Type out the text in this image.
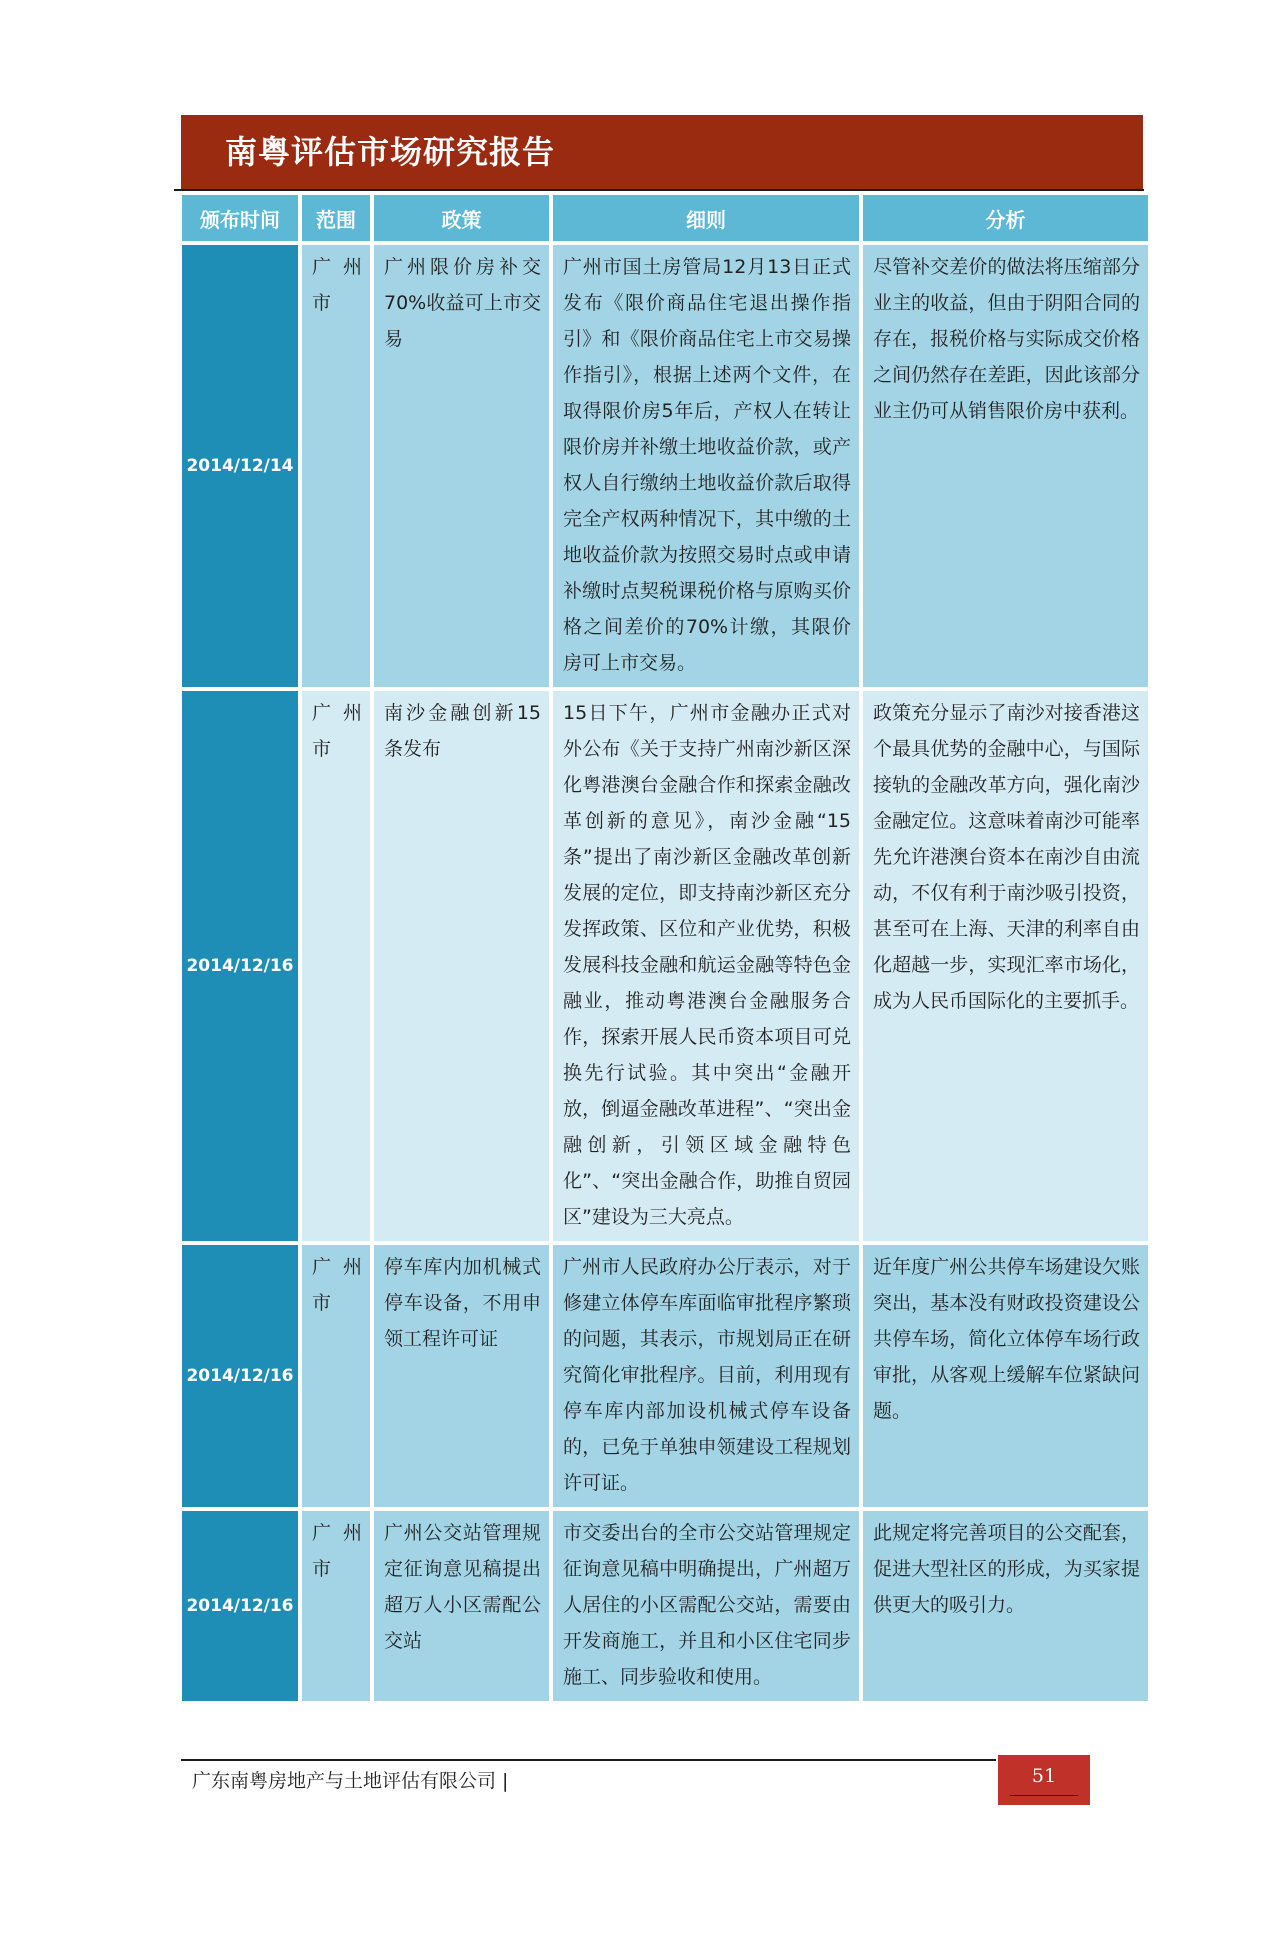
南粤评估市场研究报告
颁布时间	范围	政策	细则	分析
2014/12/14	广州市	广州限价房补交70%收益可上市交易	广州市国土房管局12月13日正式发布《限价商品住宅退出操作指引》和《限价商品住宅上市交易操作指引》，根据上述两个文件，在取得限价房5年后，产权人在转让限价房并补缴土地收益价款，或产权人自行缴纳土地收益价款后取得完全产权两种情况下，其中缴的土地收益价款为按照交易时点或申请补缴时点契税课税价格与原购买价格之间差价的70%计缴，其限价房可上市交易。	尽管补交差价的做法将压缩部分业主的收益，但由于阴阳合同的存在，报税价格与实际成交价格之间仍然存在差距，因此该部分业主仍可从销售限价房中获利。
2014/12/16	广州市	南沙金融创新15条发布	15日下午，广州市金融办正式对外公布《关于支持广州南沙新区深化粤港澳台金融合作和探索金融改革创新的意见》，南沙金融“15条”提出了南沙新区金融改革创新发展的定位，即支持南沙新区充分发挥政策、区位和产业优势，积极发展科技金融和航运金融等特色金融业，推动粤港澳台金融服务合作，探索开展人民币资本项目可兑换先行试验。其中突出“金融开放，倒逼金融改革进程”、“突出金融创新，引领区域金融特色化”、“突出金融合作，助推自贸园区”建设为三大亮点。	政策充分显示了南沙对接香港这个最具优势的金融中心，与国际接轨的金融改革方向，强化南沙金融定位。这意味着南沙可能率先允许港澳台资本在南沙自由流动，不仅有利于南沙吸引投资，甚至可在上海、天津的利率自由化超越一步，实现汇率市场化，成为人民币国际化的主要抓手。
2014/12/16	广州市	停车库内加机械式停车设备，不用申领工程许可证	广州市人民政府办公厅表示，对于修建立体停车库面临审批程序繁琐的问题，其表示，市规划局正在研究简化审批程序。目前，利用现有停车库内部加设机械式停车设备的，已免于单独申领建设工程规划许可证。	近年度广州公共停车场建设欠账突出，基本没有财政投资建设公共停车场，简化立体停车场行政审批，从客观上缓解车位紧缺问题。
2014/12/16	广州市	广州公交站管理规定征询意见稿提出超万人小区需配公交站	市交委出台的全市公交站管理规定征询意见稿中明确提出，广州超万人居住的小区需配公交站，需要由开发商施工，并且和小区住宅同步施工、同步验收和使用。	此规定将完善项目的公交配套，促进大型社区的形成，为买家提供更大的吸引力。
广东南粤房地产与土地评估有限公司 |	51
